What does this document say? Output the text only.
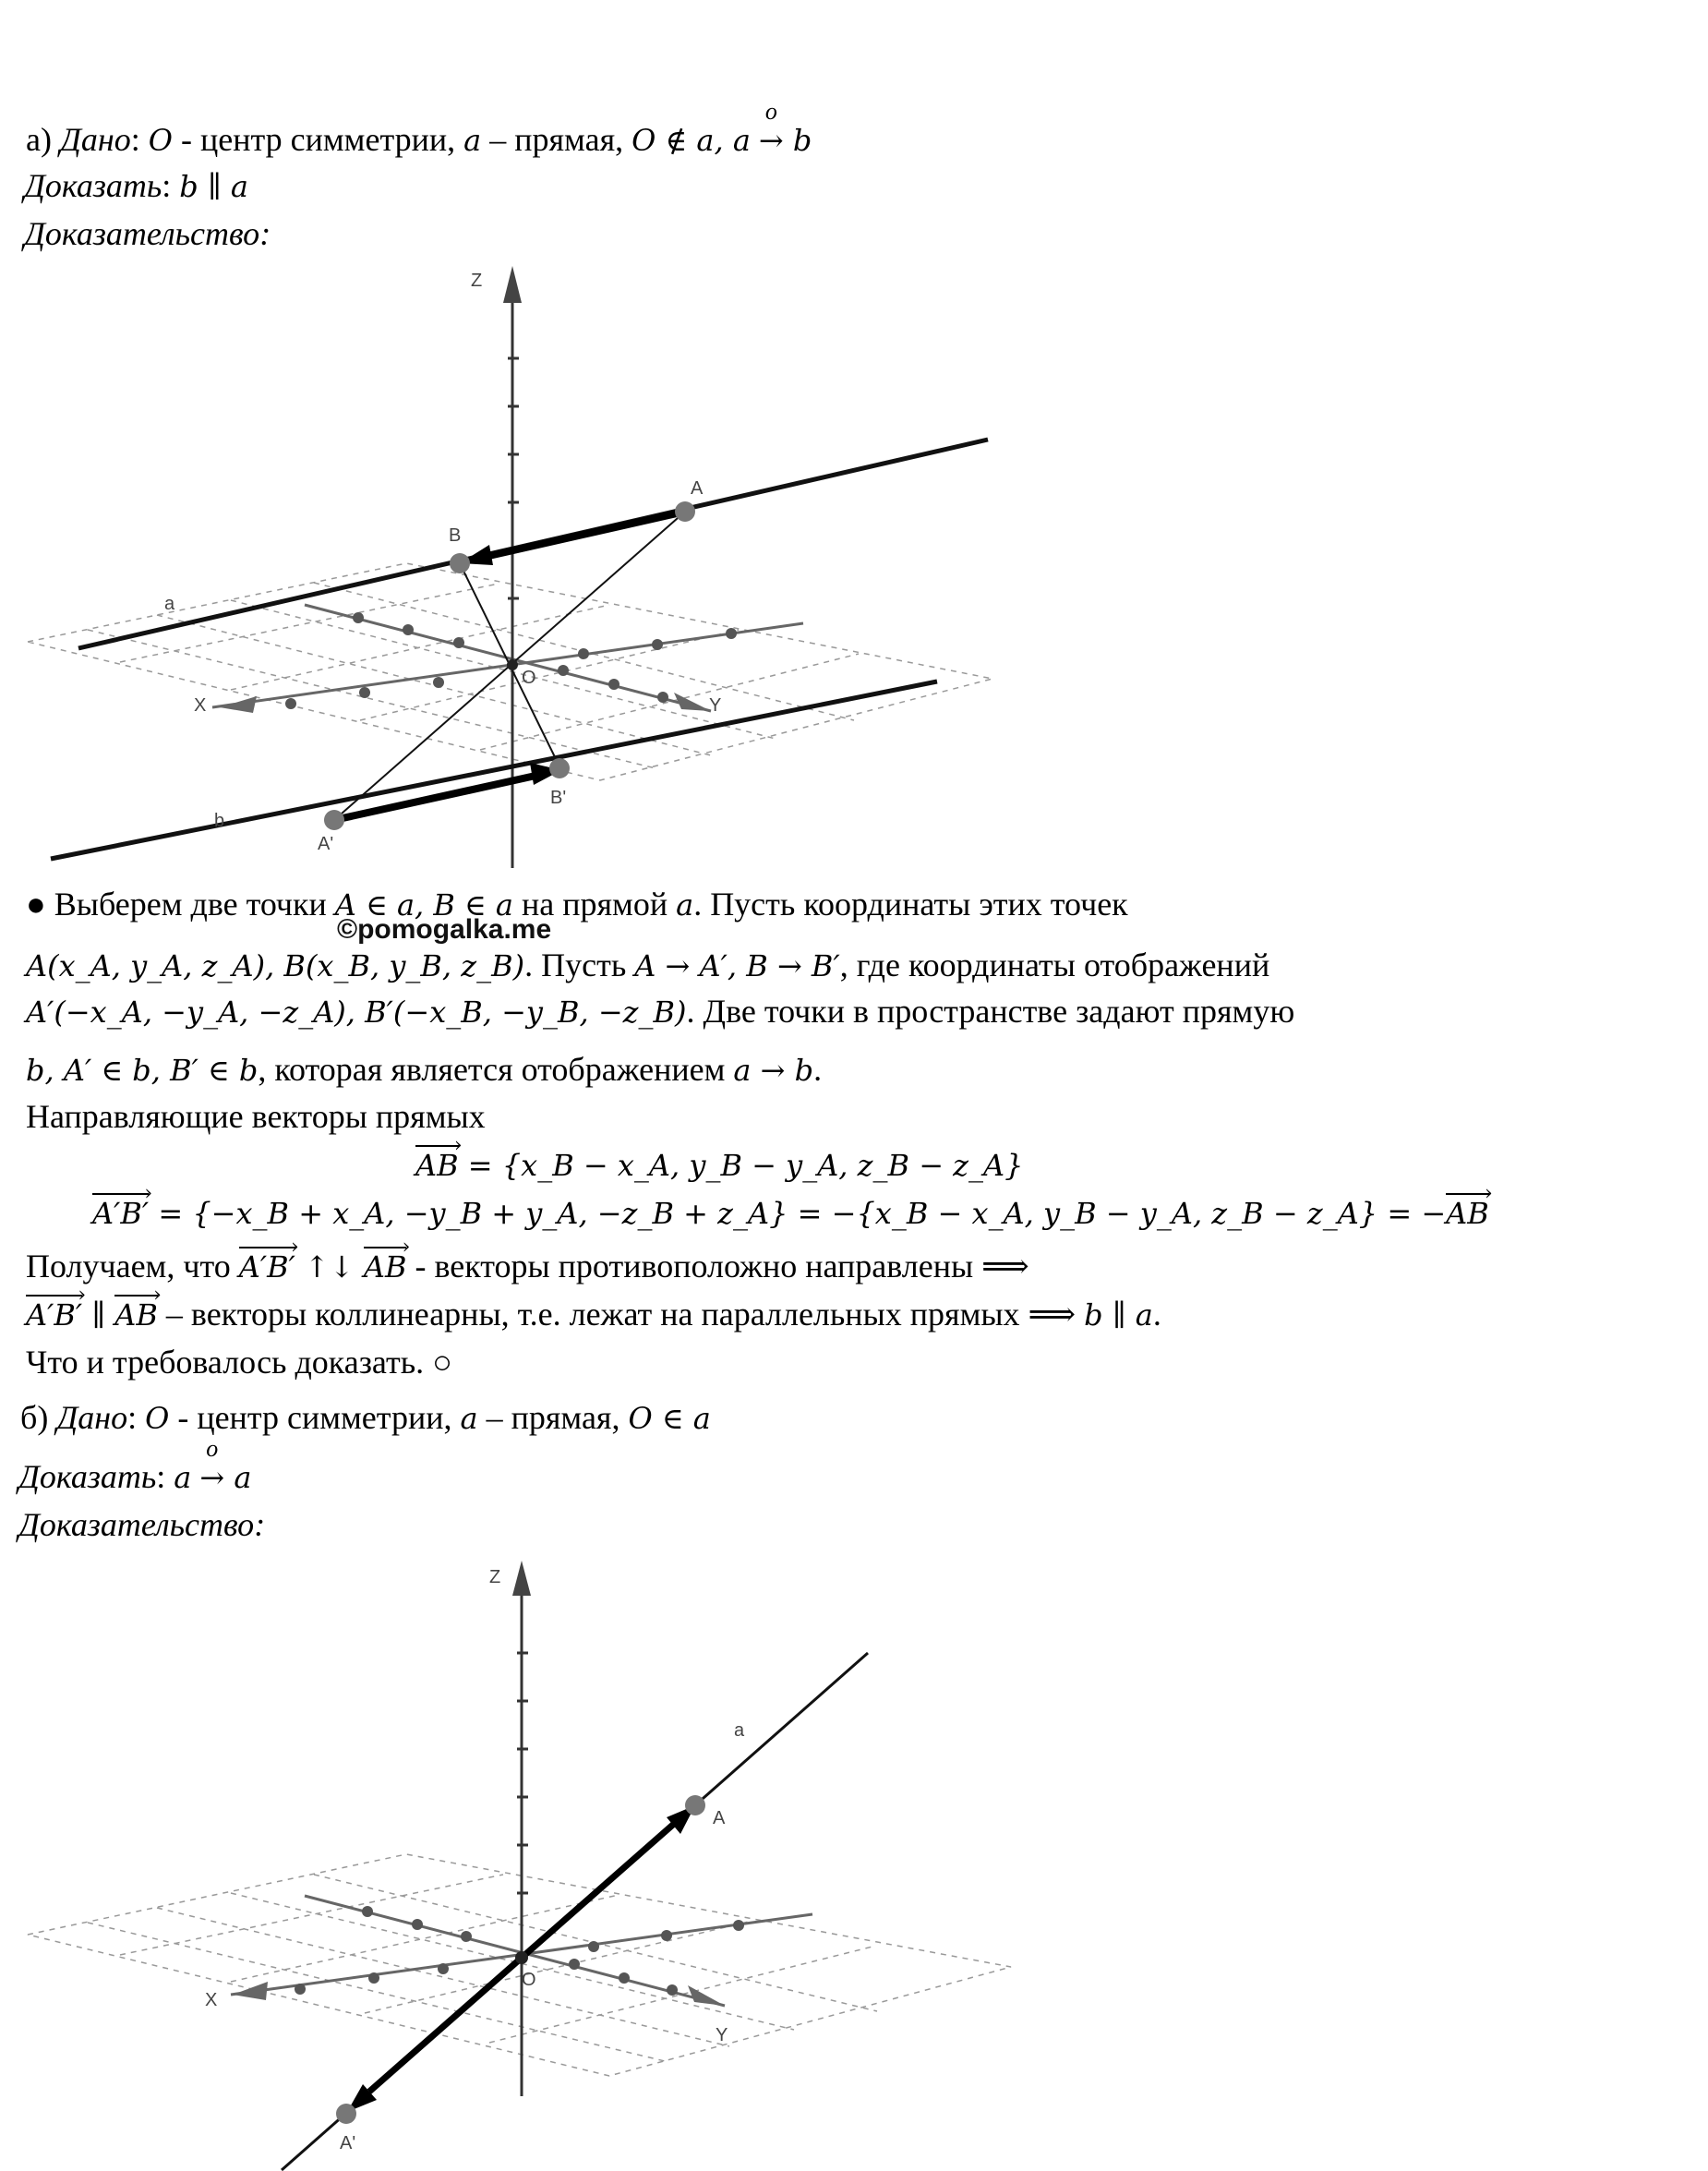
а) Дано: O - центр симметрии, a – прямая, O ∉ a, a
o
→ b
Доказать: b ∥ a
Доказательство:
Z
X	Y
O
a
b
A
B
B'
A'
● Выберем две точки A ∈ a, B ∈ a на прямой a. Пусть координаты этих точек
©pomogalka.me
A(x_A, y_A, z_A), B(x_B, y_B, z_B). Пусть A → A′, B → B′, где координаты отображений
A′(−x_A, −y_A, −z_A), B′(−x_B, −y_B, −z_B). Две точки в пространстве задают прямую
b, A′ ∈ b, B′ ∈ b, которая является отображением a → b.
Направляющие векторы прямых
AB › = {x_B − x_A, y_B − y_A, z_B − z_A}
A′B′ › = {−x_B + x_A, −y_B + y_A, −z_B + z_A} = −{x_B − x_A, y_B − y_A, z_B − z_A} = −AB ›
Получаем, что A′B′ › ↑↓ AB › - векторы противоположно направлены ⟹
A′B′ › ∥ AB › – векторы коллинеарны, т.е. лежат на параллельных прямых ⟹ b ∥ a.
Что и требовалось доказать. ○
б) Дано: O - центр симметрии, a – прямая, O ∈ a
Доказать: a
o
→ a
Доказательство:
Z
X
Y
O
a
A
A'
